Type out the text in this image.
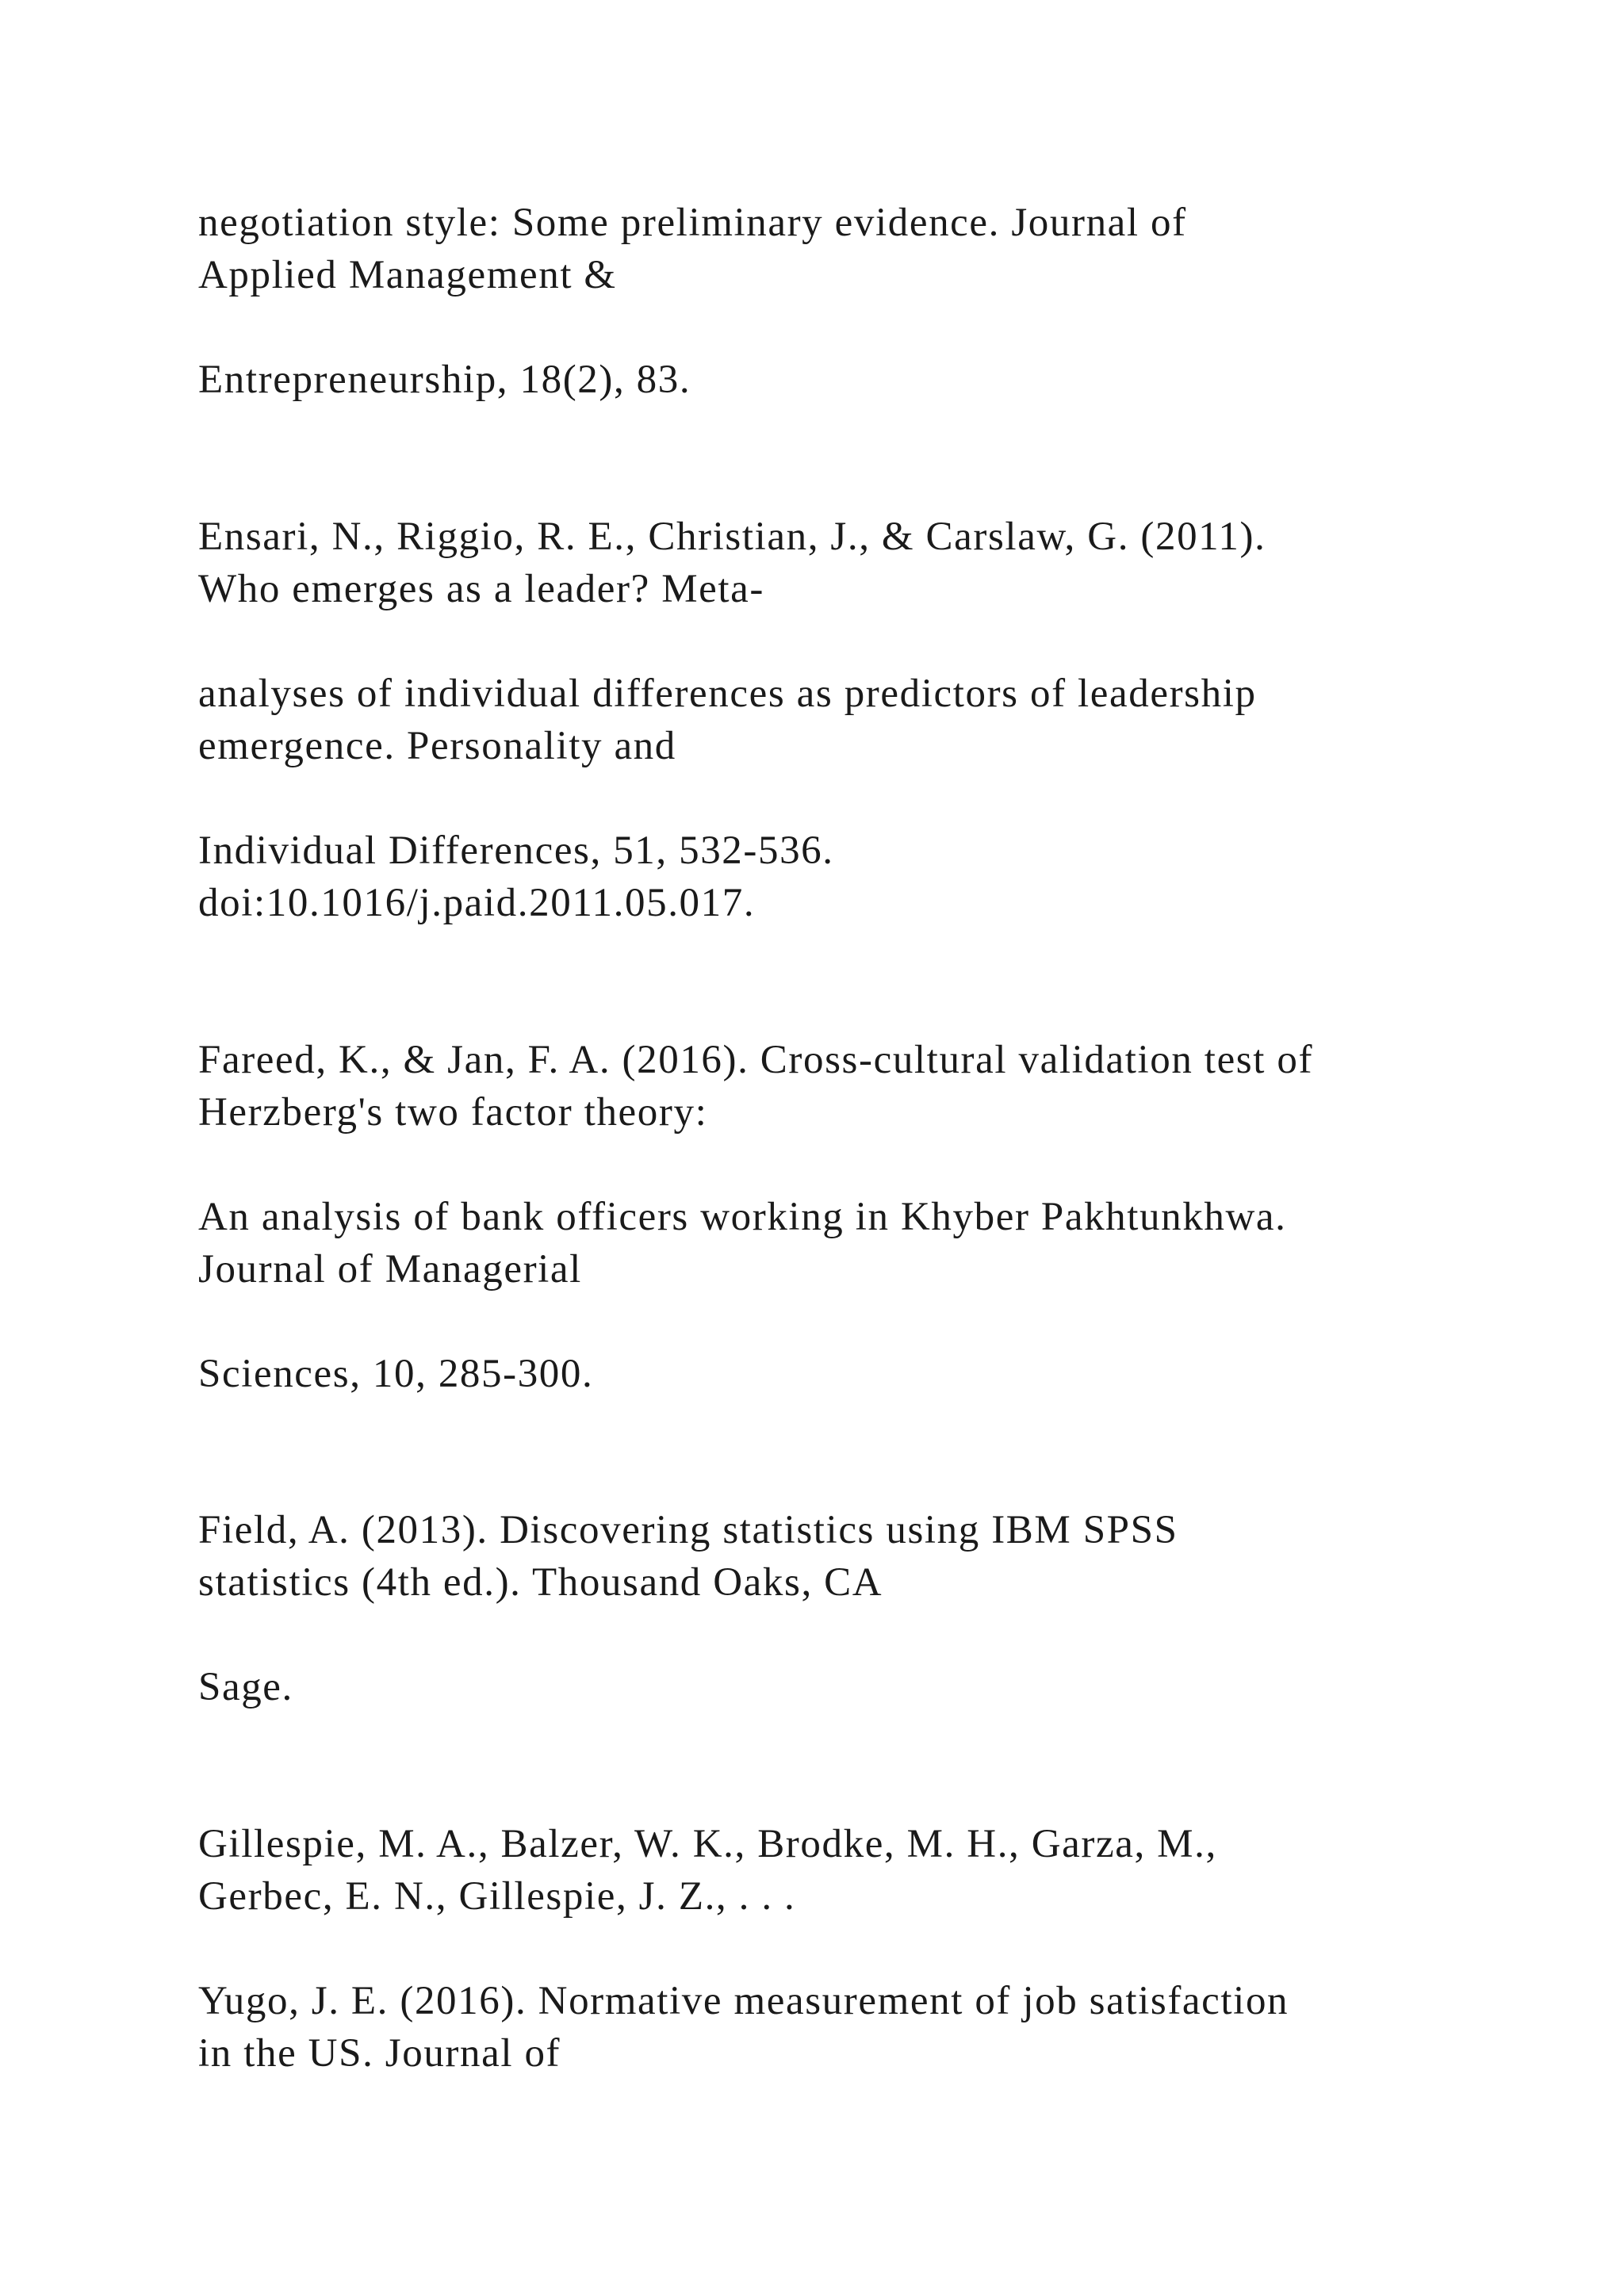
negotiation style: Some preliminary evidence. Journal of

Applied Management &

Entrepreneurship, 18(2), 83.

Ensari, N., Riggio, R. E., Christian, J., & Carslaw, G. (2011).

Who emerges as a leader? Meta-

analyses of individual differences as predictors of leadership

emergence. Personality and

Individual Differences, 51, 532-536.

doi:10.1016/j.paid.2011.05.017.

Fareed, K., & Jan, F. A. (2016). Cross-cultural validation test of

Herzberg's two factor theory:

An analysis of bank officers working in Khyber Pakhtunkhwa.

Journal of Managerial

Sciences, 10, 285-300.

Field, A. (2013). Discovering statistics using IBM SPSS

statistics (4th ed.). Thousand Oaks, CA

Sage.

Gillespie, M. A., Balzer, W. K., Brodke, M. H., Garza, M.,

Gerbec, E. N., Gillespie, J. Z., . . .

Yugo, J. E. (2016). Normative measurement of job satisfaction

in the US. Journal of
